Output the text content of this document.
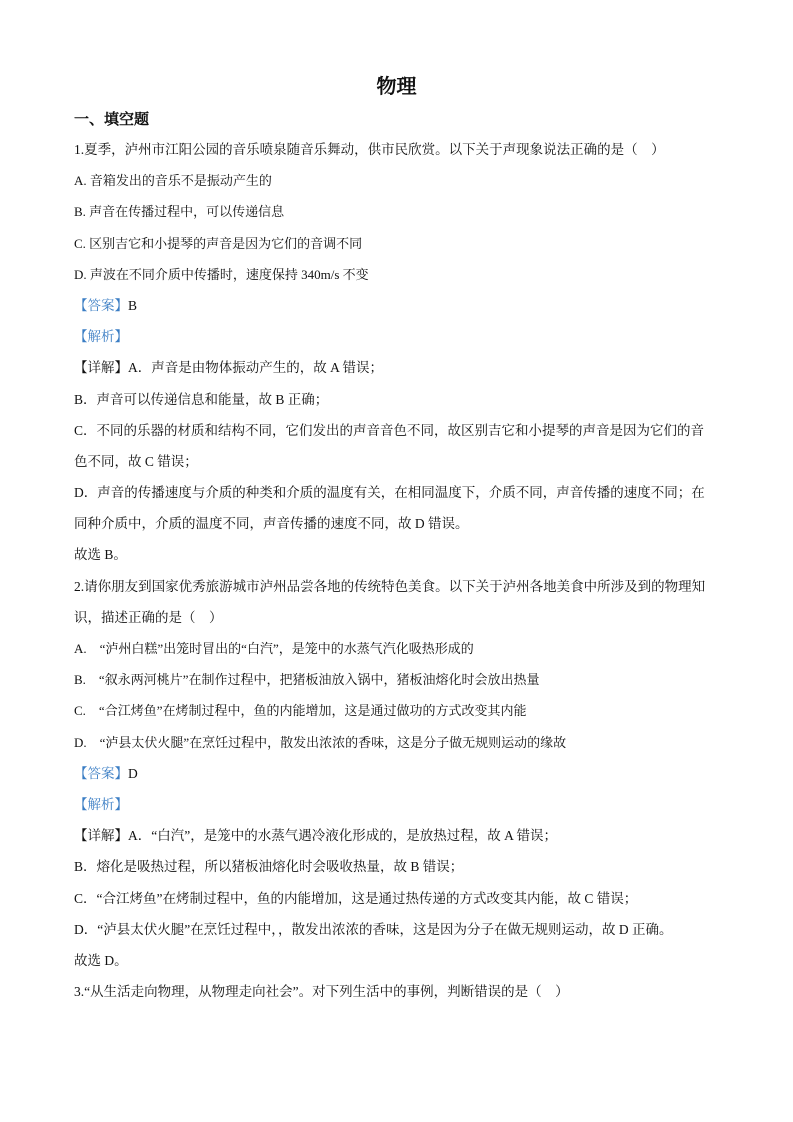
物理
一、填空题
1.夏季，泸州市江阳公园的音乐喷泉随音乐舞动，供市民欣赏。以下关于声现象说法正确的是（　）
A. 音箱发出的音乐不是振动产生的
B. 声音在传播过程中，可以传递信息
C. 区别吉它和小提琴的声音是因为它们的音调不同
D. 声波在不同介质中传播时，速度保持 340m/s 不变
【答案】B
【解析】
【详解】A．声音是由物体振动产生的，故 A 错误；
B．声音可以传递信息和能量，故 B 正确；
C．不同的乐器的材质和结构不同，它们发出的声音音色不同，故区别吉它和小提琴的声音是因为它们的音
色不同，故 C 错误；
D．声音的传播速度与介质的种类和介质的温度有关，在相同温度下，介质不同，声音传播的速度不同；在
同种介质中，介质的温度不同，声音传播的速度不同，故 D 错误。
故选 B。
2.请你朋友到国家优秀旅游城市泸州品尝各地的传统特色美食。以下关于泸州各地美食中所涉及到的物理知
识，描述正确的是（　）
A.　“泸州白糕”出笼时冒出的“白汽”，是笼中的水蒸气汽化吸热形成的
B.　“叙永两河桃片”在制作过程中，把猪板油放入锅中，猪板油熔化时会放出热量
C.　“合江烤鱼”在烤制过程中，鱼的内能增加，这是通过做功的方式改变其内能
D.　“泸县太伏火腿”在烹饪过程中，散发出浓浓的香味，这是分子做无规则运动的缘故
【答案】D
【解析】
【详解】A．“白汽”，是笼中的水蒸气遇冷液化形成的，是放热过程，故 A 错误；
B．熔化是吸热过程，所以猪板油熔化时会吸收热量，故 B 错误；
C．“合江烤鱼”在烤制过程中，鱼的内能增加，这是通过热传递的方式改变其内能，故 C 错误；
D．“泸县太伏火腿”在烹饪过程中，，散发出浓浓的香味，这是因为分子在做无规则运动，故 D 正确。
故选 D。
3.“从生活走向物理，从物理走向社会”。对下列生活中的事例，判断错误的是（　）
